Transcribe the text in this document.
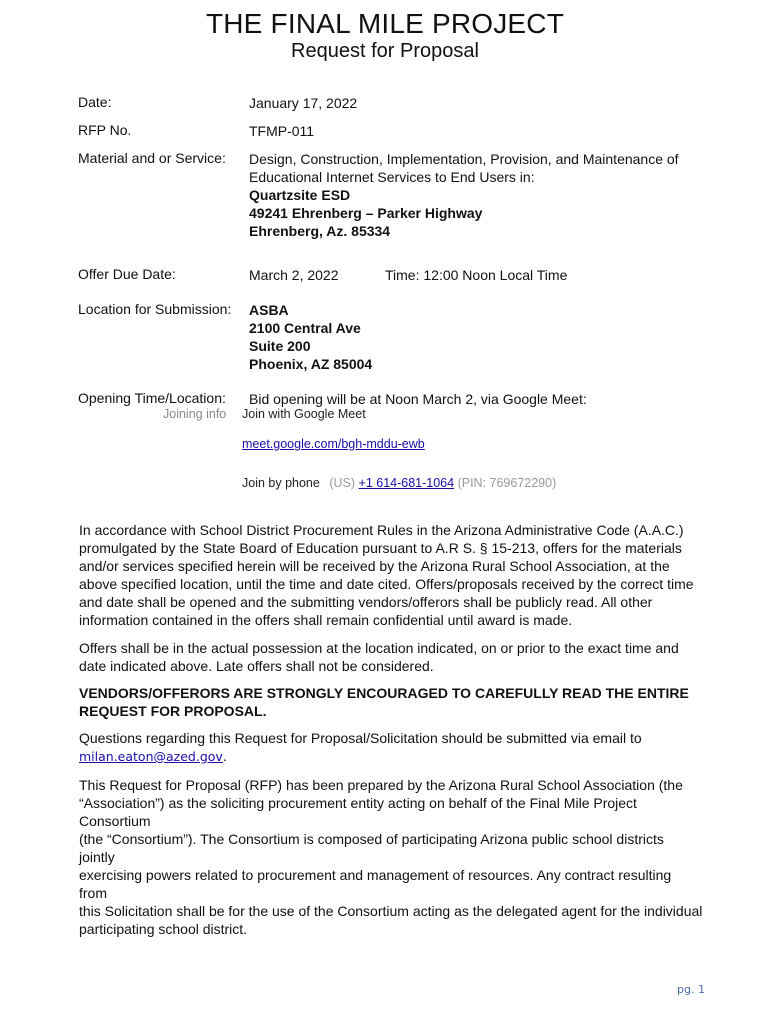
THE FINAL MILE PROJECT
Request for Proposal
Date:	January 17, 2022
RFP No.	TFMP-011
Material and or Service: Design, Construction, Implementation, Provision, and Maintenance of
Educational Internet Services to End Users in:
Quartzsite ESD
49241 Ehrenberg – Parker Highway
Ehrenberg, Az. 85334
Offer Due Date:	March 2, 2022	Time: 12:00 Noon Local Time
Location for Submission: ASBA
2100 Central Ave
Suite 200
Phoenix, AZ 85004
Opening Time/Location: Bid opening will be at Noon March 2, via Google Meet:
Joining info Join with Google Meet
meet.google.com/bgh-mddu-ewb
Join by phone (US) +1 614-681-1064 (PIN: 769672290)
In accordance with School District Procurement Rules in the Arizona Administrative Code (A.A.C.)
promulgated by the State Board of Education pursuant to A.R S. § 15-213, offers for the materials
and/or services specified herein will be received by the Arizona Rural School Association, at the
above specified location, until the time and date cited. Offers/proposals received by the correct time
and date shall be opened and the submitting vendors/offerors shall be publicly read. All other
information contained in the offers shall remain confidential until award is made.
Offers shall be in the actual possession at the location indicated, on or prior to the exact time and
date indicated above. Late offers shall not be considered.
VENDORS/OFFERORS ARE STRONGLY ENCOURAGED TO CAREFULLY READ THE ENTIRE
REQUEST FOR PROPOSAL.
Questions regarding this Request for Proposal/Solicitation should be submitted via email to
milan.eaton@azed.gov.
This Request for Proposal (RFP) has been prepared by the Arizona Rural School Association (the
“Association”) as the soliciting procurement entity acting on behalf of the Final Mile Project Consortium
(the “Consortium”). The Consortium is composed of participating Arizona public school districts jointly
exercising powers related to procurement and management of resources. Any contract resulting from
this Solicitation shall be for the use of the Consortium acting as the delegated agent for the individual
participating school district.
pg. 1
